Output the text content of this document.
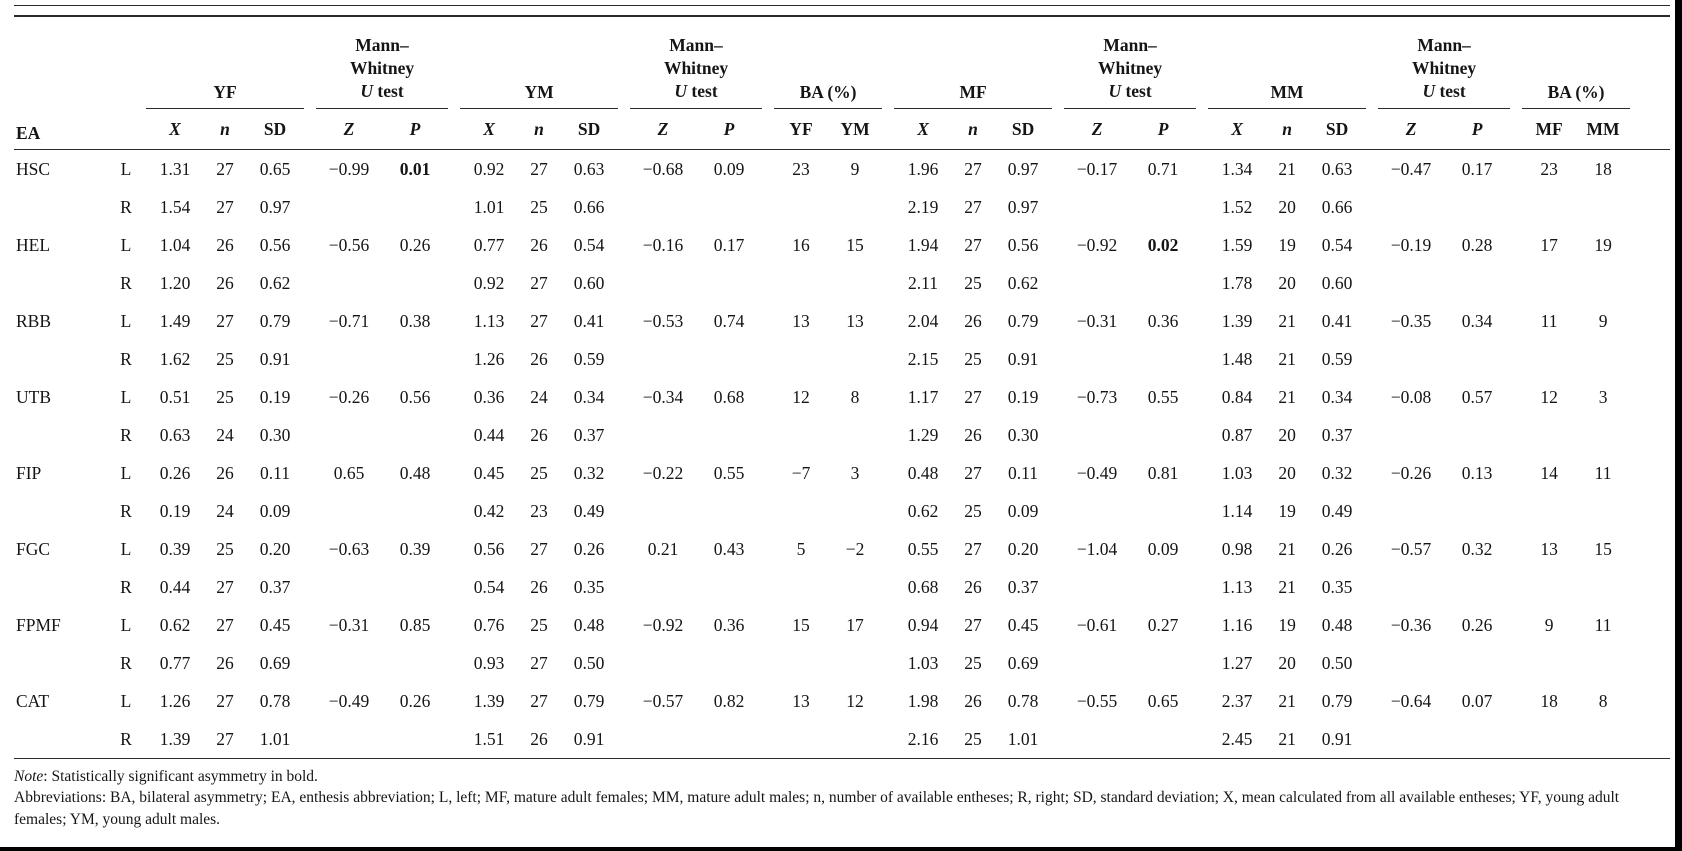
EA		YF				Mann–
Whitney
U test			YM				Mann–
Whitney
U test			BA (%)			MF				Mann–
Whitney
U test			MM				Mann–
Whitney
U test			BA (%)		
		X	n	SD		Z	P		X	n	SD		Z	P		YF	YM		X	n	SD		Z	P		X	n	SD		Z	P		MF	MM	
HSC	L	1.31	27	0.65		−0.99	0.01		0.92	27	0.63		−0.68	0.09		23	9		1.96	27	0.97		−0.17	0.71		1.34	21	0.63		−0.47	0.17		23	18	
	R	1.54	27	0.97					1.01	25	0.66								2.19	27	0.97					1.52	20	0.66							
HEL	L	1.04	26	0.56		−0.56	0.26		0.77	26	0.54		−0.16	0.17		16	15		1.94	27	0.56		−0.92	0.02		1.59	19	0.54		−0.19	0.28		17	19	
	R	1.20	26	0.62					0.92	27	0.60								2.11	25	0.62					1.78	20	0.60							
RBB	L	1.49	27	0.79		−0.71	0.38		1.13	27	0.41		−0.53	0.74		13	13		2.04	26	0.79		−0.31	0.36		1.39	21	0.41		−0.35	0.34		11	9	
	R	1.62	25	0.91					1.26	26	0.59								2.15	25	0.91					1.48	21	0.59							
UTB	L	0.51	25	0.19		−0.26	0.56		0.36	24	0.34		−0.34	0.68		12	8		1.17	27	0.19		−0.73	0.55		0.84	21	0.34		−0.08	0.57		12	3	
	R	0.63	24	0.30					0.44	26	0.37								1.29	26	0.30					0.87	20	0.37							
FIP	L	0.26	26	0.11		0.65	0.48		0.45	25	0.32		−0.22	0.55		−7	3		0.48	27	0.11		−0.49	0.81		1.03	20	0.32		−0.26	0.13		14	11	
	R	0.19	24	0.09					0.42	23	0.49								0.62	25	0.09					1.14	19	0.49							
FGC	L	0.39	25	0.20		−0.63	0.39		0.56	27	0.26		0.21	0.43		5	−2		0.55	27	0.20		−1.04	0.09		0.98	21	0.26		−0.57	0.32		13	15	
	R	0.44	27	0.37					0.54	26	0.35								0.68	26	0.37					1.13	21	0.35							
FPMF	L	0.62	27	0.45		−0.31	0.85		0.76	25	0.48		−0.92	0.36		15	17		0.94	27	0.45		−0.61	0.27		1.16	19	0.48		−0.36	0.26		9	11	
	R	0.77	26	0.69					0.93	27	0.50								1.03	25	0.69					1.27	20	0.50							
CAT	L	1.26	27	0.78		−0.49	0.26		1.39	27	0.79		−0.57	0.82		13	12		1.98	26	0.78		−0.55	0.65		2.37	21	0.79		−0.64	0.07		18	8	
	R	1.39	27	1.01					1.51	26	0.91								2.16	25	1.01					2.45	21	0.91							

Note: Statistically significant asymmetry in bold.

Abbreviations: BA, bilateral asymmetry; EA, enthesis abbreviation; L, left; MF, mature adult females; MM, mature adult males; n, number of available entheses; R, right; SD, standard deviation; X, mean calculated from all available entheses; YF, young adult females; YM, young adult males.
